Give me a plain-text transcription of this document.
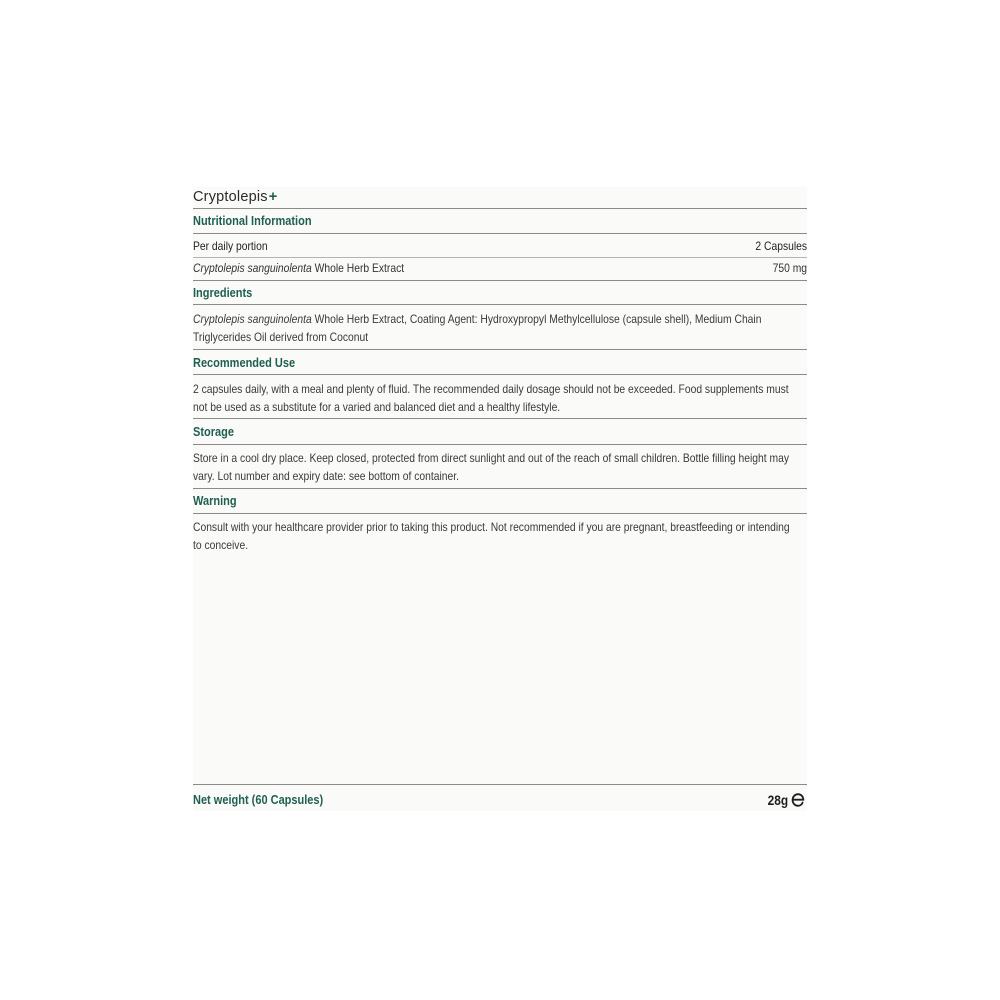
Cryptolepis+
Nutritional Information
Per daily portion	2 Capsules
Cryptolepis sanguinolenta Whole Herb Extract	750 mg
Ingredients
Cryptolepis sanguinolenta Whole Herb Extract, Coating Agent: Hydroxypropyl Methylcellulose (capsule shell), Medium Chain Triglycerides Oil derived from Coconut
Recommended Use
2 capsules daily, with a meal and plenty of fluid. The recommended daily dosage should not be exceeded. Food supplements must not be used as a substitute for a varied and balanced diet and a healthy lifestyle.
Storage
Store in a cool dry place. Keep closed, protected from direct sunlight and out of the reach of small children. Bottle filling height may vary. Lot number and expiry date: see bottom of container.
Warning
Consult with your healthcare provider prior to taking this product. Not recommended if you are pregnant, breastfeeding or intending to conceive.
Net weight (60 Capsules)	28g
